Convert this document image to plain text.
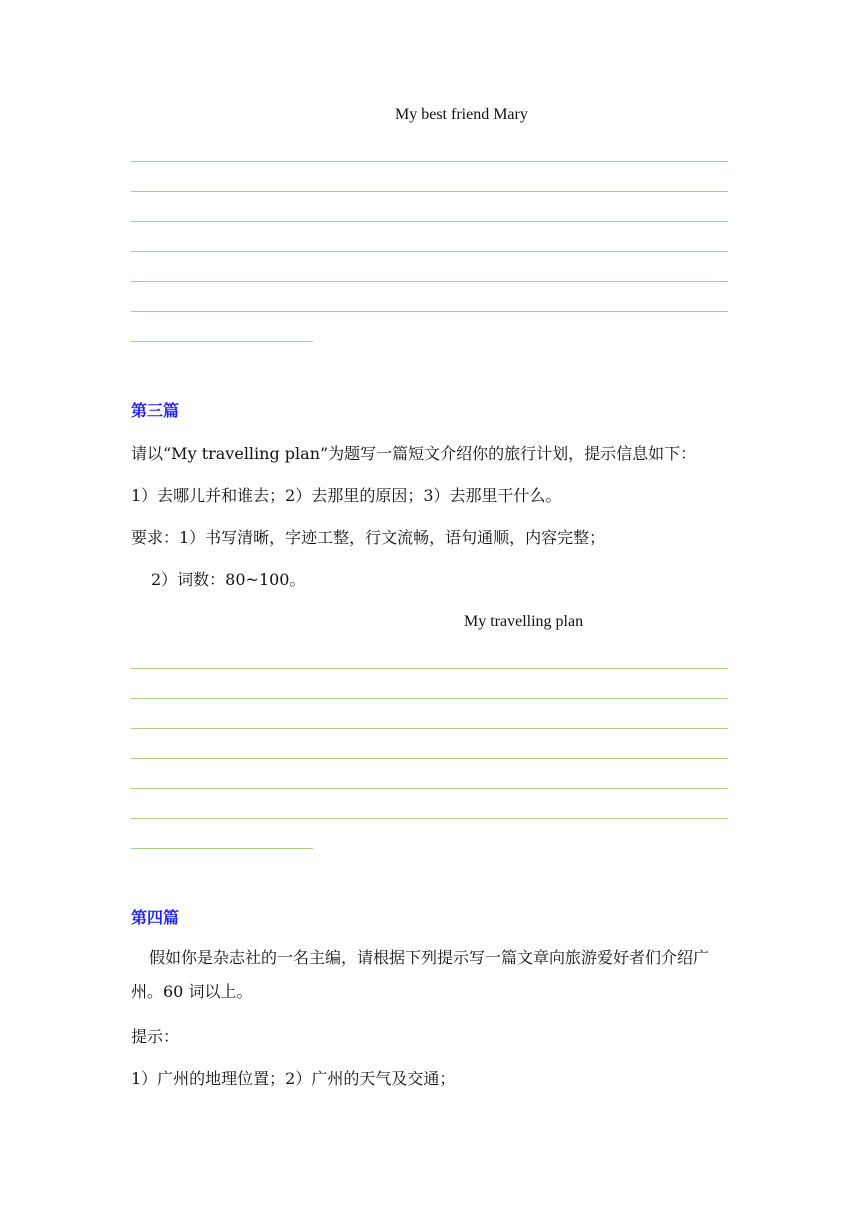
My best friend Mary
第三篇
请以“My travelling plan”为题写一篇短文介绍你的旅行计划，提示信息如下：
1）去哪儿并和谁去；2）去那里的原因；3）去那里干什么。
要求：1）书写清晰，字迹工整，行文流畅，语句通顺，内容完整；
2）词数：80~100。
My travelling plan
第四篇
假如你是杂志社的一名主编，请根据下列提示写一篇文章向旅游爱好者们介绍广州。60 词以上。
提示：
1）广州的地理位置；2）广州的天气及交通；
